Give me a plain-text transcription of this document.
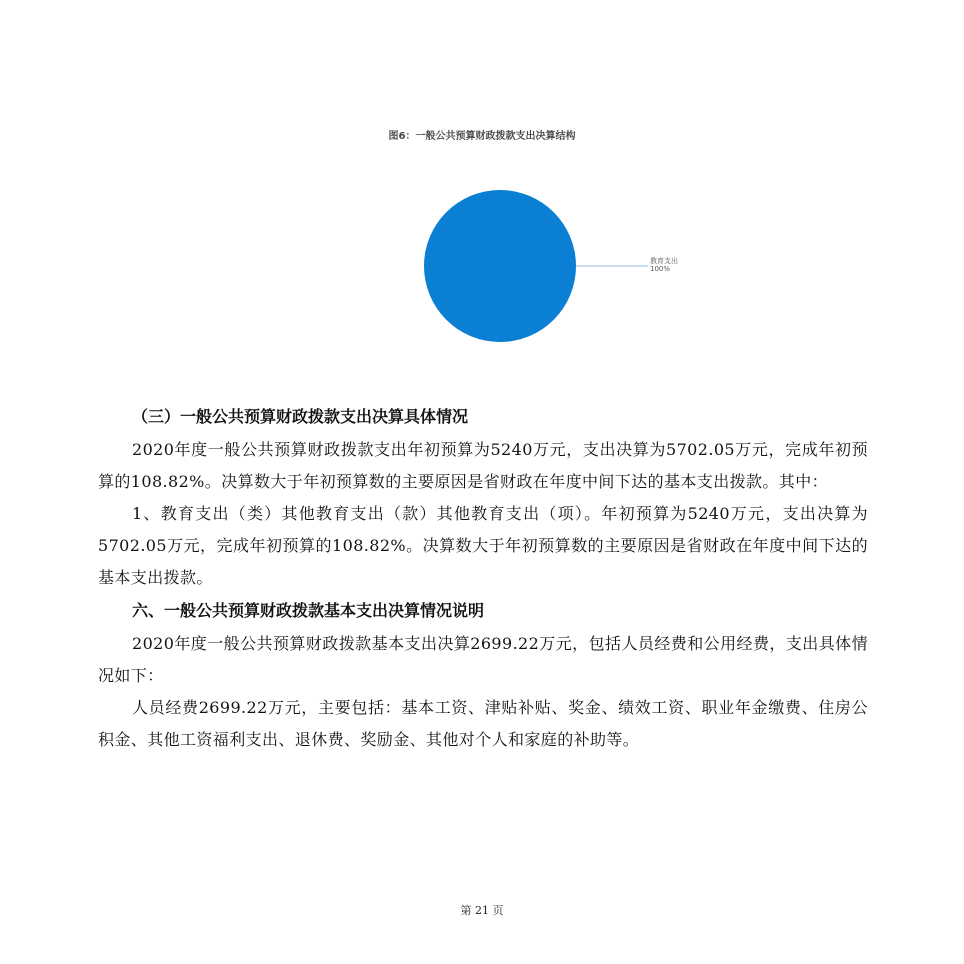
图6：一般公共预算财政拨款支出决算结构
教育支出
100%

（三）一般公共预算财政拨款支出决算具体情况

2020年度一般公共预算财政拨款支出年初预算为5240万元，支出决算为5702.05万元，完成年初预算的108.82%。决算数大于年初预算数的主要原因是省财政在年度中间下达的基本支出拨款。其中：

1、教育支出（类）其他教育支出（款）其他教育支出（项）。年初预算为5240万元，支出决算为5702.05万元，完成年初预算的108.82%。决算数大于年初预算数的主要原因是省财政在年度中间下达的基本支出拨款。

六、一般公共预算财政拨款基本支出决算情况说明

2020年度一般公共预算财政拨款基本支出决算2699.22万元，包括人员经费和公用经费，支出具体情况如下：

人员经费2699.22万元，主要包括：基本工资、津贴补贴、奖金、绩效工资、职业年金缴费、住房公积金、其他工资福利支出、退休费、奖励金、其他对个人和家庭的补助等。

第 21 页
